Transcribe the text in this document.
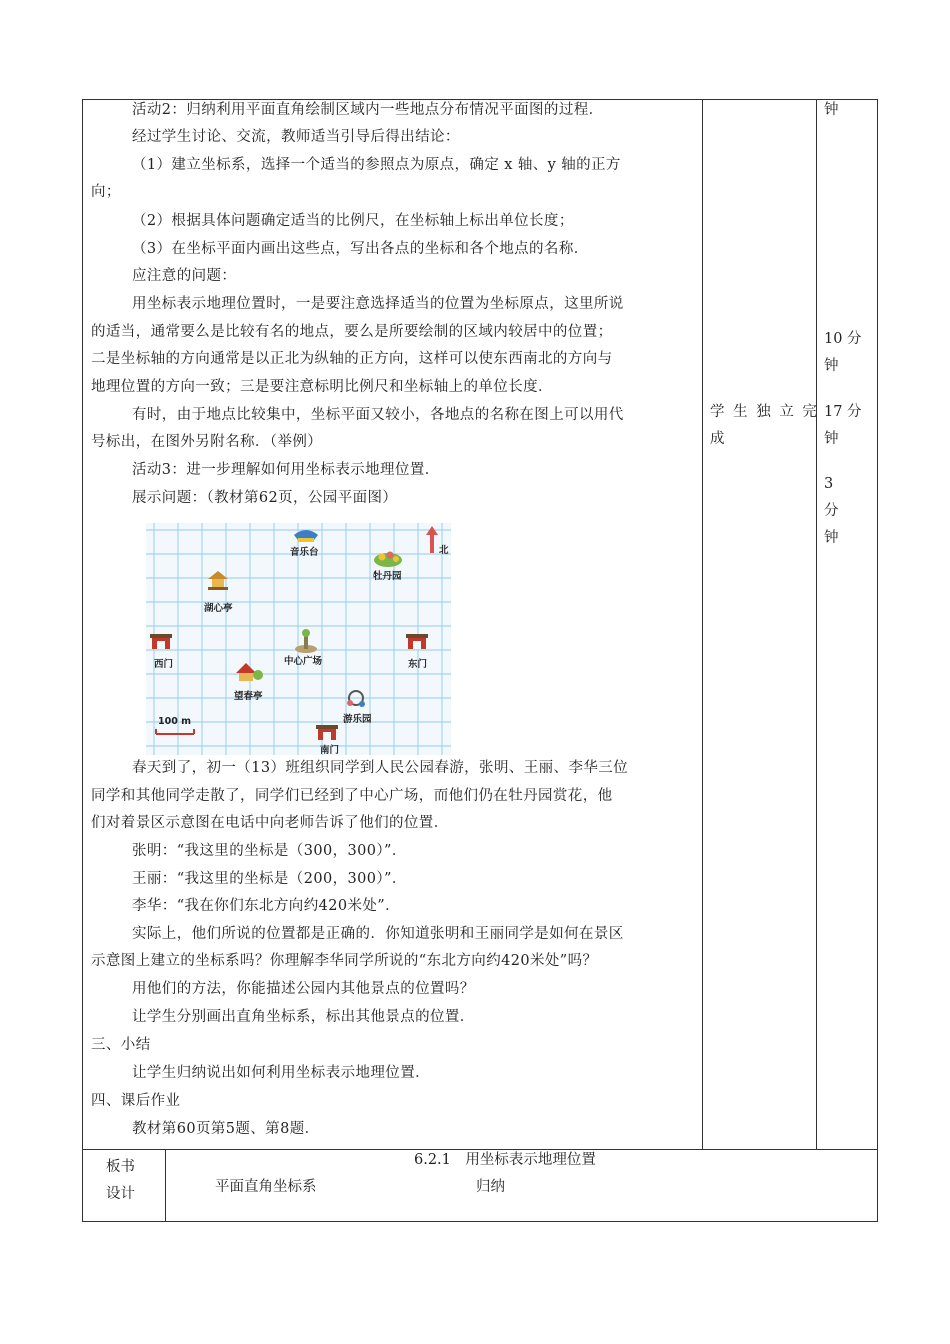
活动2：归纳利用平面直角绘制区域内一些地点分布情况平面图的过程．
经过学生讨论、交流，教师适当引导后得出结论：
（1）建立坐标系，选择一个适当的参照点为原点，确定 x 轴、y 轴的正方
向；
（2）根据具体问题确定适当的比例尺，在坐标轴上标出单位长度；
（3）在坐标平面内画出这些点，写出各点的坐标和各个地点的名称．
应注意的问题：
用坐标表示地理位置时，一是要注意选择适当的位置为坐标原点，这里所说
的适当，通常要么是比较有名的地点，要么是所要绘制的区域内较居中的位置；
二是坐标轴的方向通常是以正北为纵轴的正方向，这样可以使东西南北的方向与
地理位置的方向一致；三是要注意标明比例尺和坐标轴上的单位长度．
有时，由于地点比较集中，坐标平面又较小，各地点的名称在图上可以用代
号标出，在图外另附名称．（举例）
活动3：进一步理解如何用坐标表示地理位置．
展示问题：（教材第62页，公园平面图）
音乐台	北
牡丹园
湖心亭
西门	中心广场	东门
望春亭
游乐园
南门
100 m
春天到了，初一（13）班组织同学到人民公园春游，张明、王丽、李华三位
同学和其他同学走散了，同学们已经到了中心广场，而他们仍在牡丹园赏花，他
们对着景区示意图在电话中向老师告诉了他们的位置．
张明：“我这里的坐标是（300，300）”．
王丽：“我这里的坐标是（200，300）”．
李华：“我在你们东北方向约420米处”．
实际上，他们所说的位置都是正确的．你知道张明和王丽同学是如何在景区
示意图上建立的坐标系吗？你理解李华同学所说的“东北方向约420米处”吗？
用他们的方法，你能描述公园内其他景点的位置吗？
让学生分别画出直角坐标系，标出其他景点的位置．
三、小结
让学生归纳说出如何利用坐标表示地理位置．
四、课后作业
教材第60页第5题、第8题．
学 生 独 立 完
成
钟
10 分
钟
17 分
钟
3
分
钟
板书
设计
6.2.1　用坐标表示地理位置
平面直角坐标系	归纳
